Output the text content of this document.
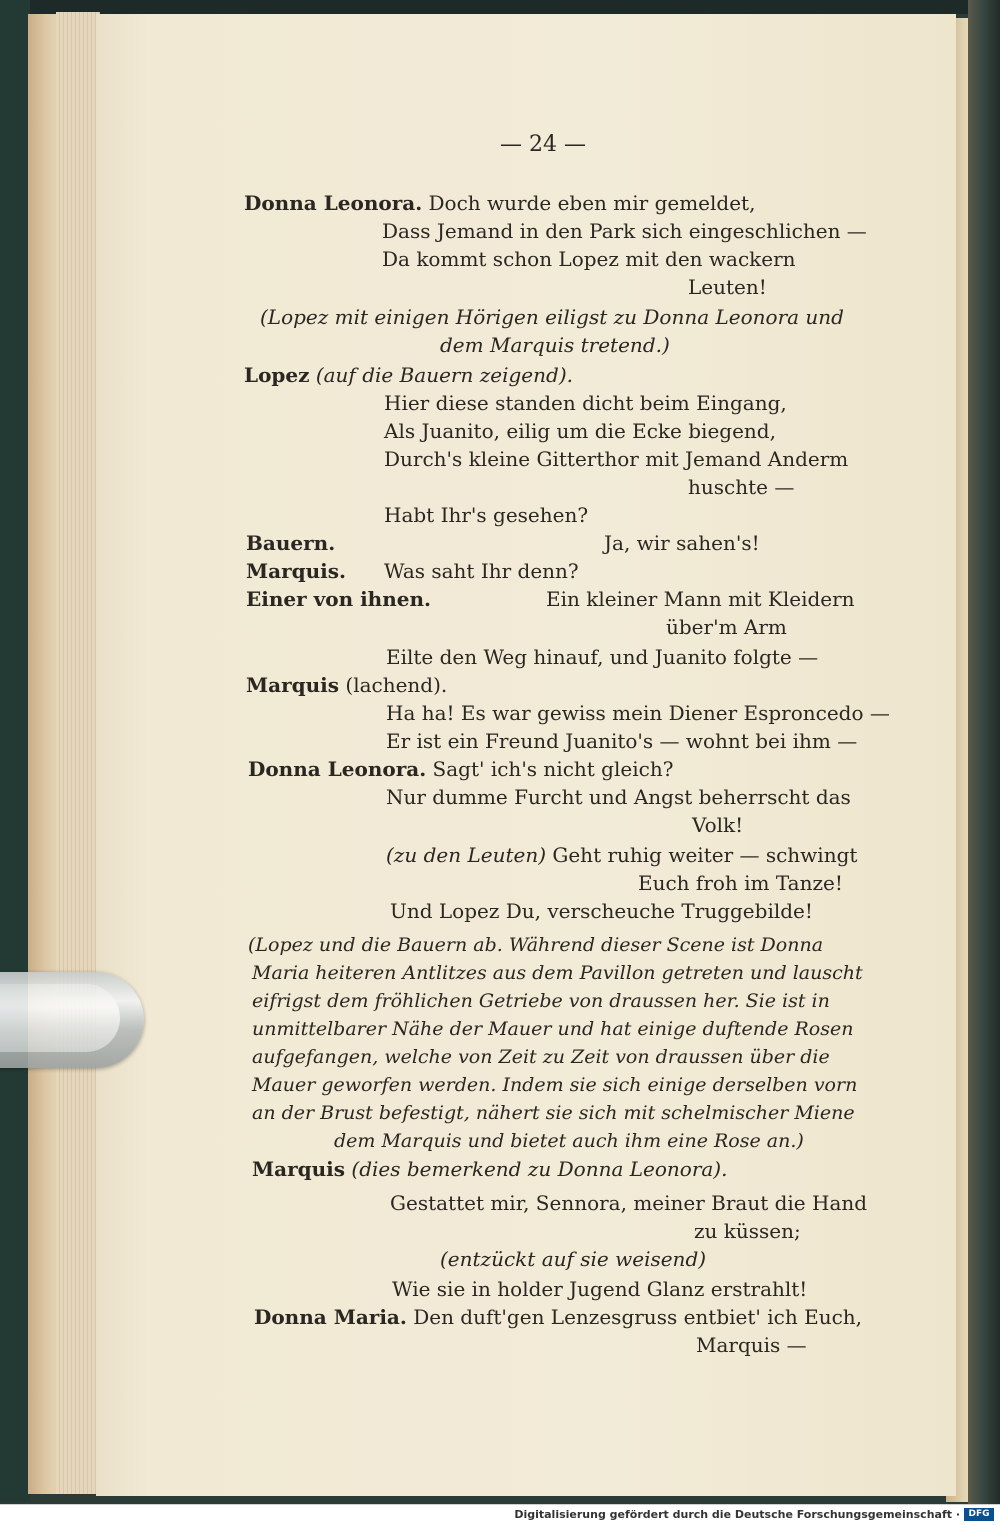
— 24 —
Donna Leonora. Doch wurde eben mir gemeldet,
Dass Jemand in den Park sich eingeschlichen —
Da kommt schon Lopez mit den wackern
Leuten!
(Lopez mit einigen Hörigen eiligst zu Donna Leonora und
dem Marquis tretend.)
Lopez (auf die Bauern zeigend).
Hier diese standen dicht beim Eingang,
Als Juanito, eilig um die Ecke biegend,
Durch's kleine Gitterthor mit Jemand Anderm
huschte —
Habt Ihr's gesehen?
Bauern.	Ja, wir sahen's!
Marquis. Was saht Ihr denn?
Einer von ihnen.	Ein kleiner Mann mit Kleidern
über'm Arm
Eilte den Weg hinauf, und Juanito folgte —
Marquis (lachend).
Ha ha! Es war gewiss mein Diener Esproncedo —
Er ist ein Freund Juanito's — wohnt bei ihm —
Donna Leonora. Sagt' ich's nicht gleich?
Nur dumme Furcht und Angst beherrscht das
Volk!
(zu den Leuten) Geht ruhig weiter — schwingt
Euch froh im Tanze!
Und Lopez Du, verscheuche Truggebilde!
(Lopez und die Bauern ab. Während dieser Scene ist Donna
Maria heiteren Antlitzes aus dem Pavillon getreten und lauscht
eifrigst dem fröhlichen Getriebe von draussen her. Sie ist in
unmittelbarer Nähe der Mauer und hat einige duftende Rosen
aufgefangen, welche von Zeit zu Zeit von draussen über die
Mauer geworfen werden. Indem sie sich einige derselben vorn
an der Brust befestigt, nähert sie sich mit schelmischer Miene
dem Marquis und bietet auch ihm eine Rose an.)
Marquis (dies bemerkend zu Donna Leonora).
Gestattet mir, Sennora, meiner Braut die Hand
zu küssen;
(entzückt auf sie weisend)
Wie sie in holder Jugend Glanz erstrahlt!
Donna Maria. Den duft'gen Lenzesgruss entbiet' ich Euch,
Marquis —
Digitalisierung gefördert durch die Deutsche Forschungsgemeinschaft · DFG
